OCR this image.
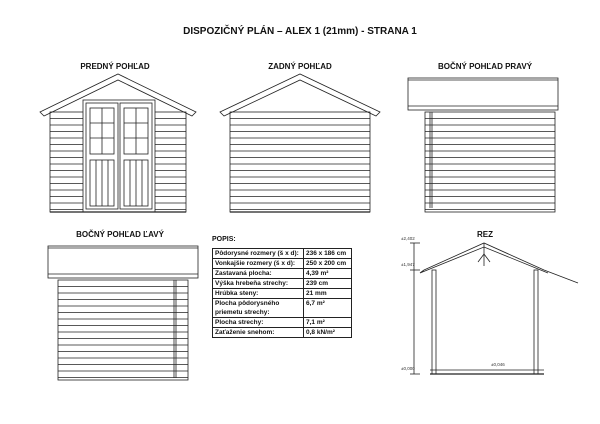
DISPOZIČNÝ PLÁN – ALEX 1 (21mm) - STRANA 1
PREDNÝ POHĽAD	ZADNÝ POHĽAD	BOČNÝ POHĽAD PRAVÝ
BOČNÝ POHĽAD ĽAVÝ	REZ
±2,402
±1,947
±0,000
±0,046
POPIS:
Pôdorysné rozmery (š x d):	236 x 186 cm
Vonkajšie rozmery (š x d):	250 x 200 cm
Zastavaná plocha:	4,39 m²
Výška hrebeňa strechy:	239 cm
Hrúbka steny:	21 mm
Plocha pôdorysného priemetu strechy:	6,7 m²
Plocha strechy:	7,1 m²
Zaťaženie snehom:	0,8 kN/m²
